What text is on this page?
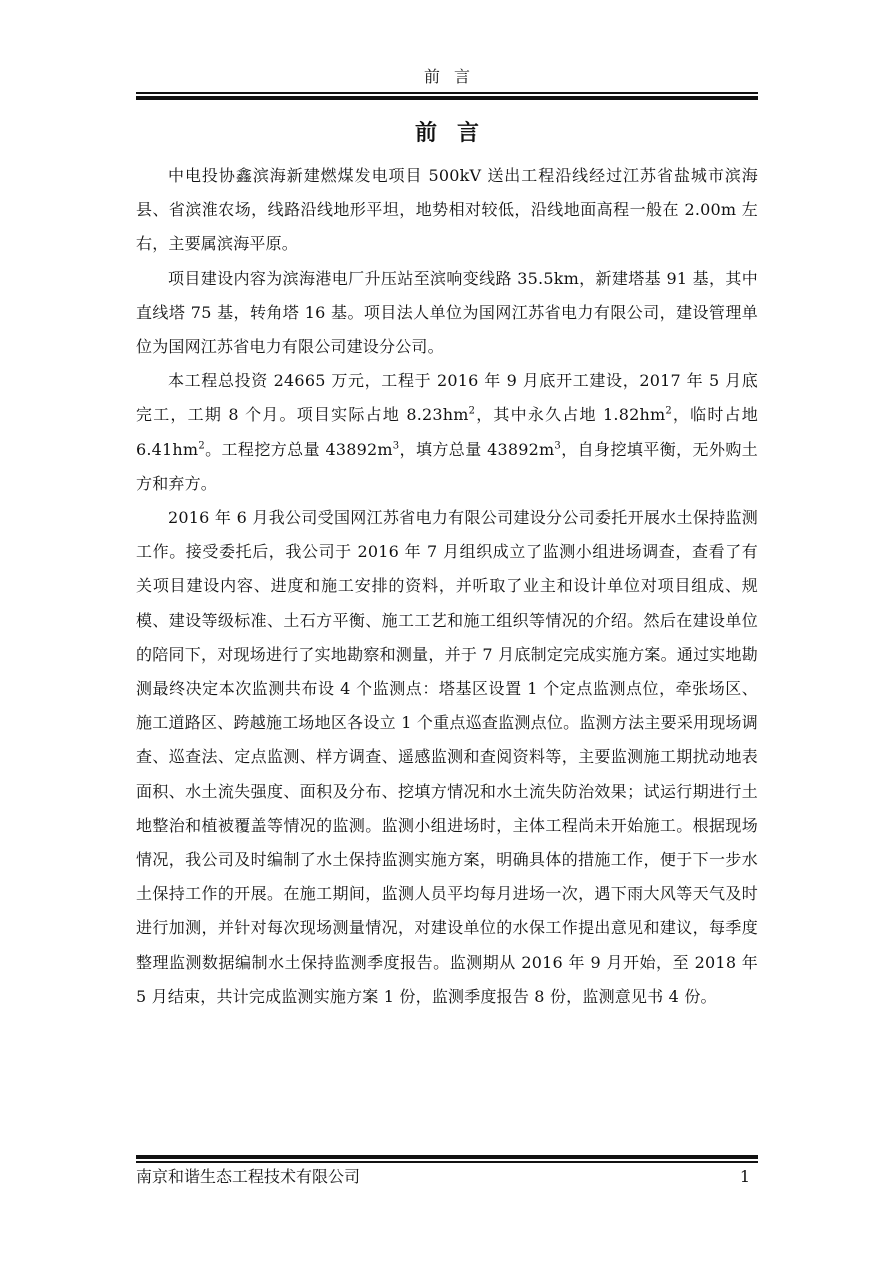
前言
前言

中电投协鑫滨海新建燃煤发电项目 500kV 送出工程沿线经过江苏省盐城市滨海县、省滨淮农场，线路沿线地形平坦，地势相对较低，沿线地面高程一般在 2.00m 左右，主要属滨海平原。

项目建设内容为滨海港电厂升压站至滨响变线路 35.5km，新建塔基 91 基，其中直线塔 75 基，转角塔 16 基。项目法人单位为国网江苏省电力有限公司，建设管理单位为国网江苏省电力有限公司建设分公司。

本工程总投资 24665 万元，工程于 2016 年 9 月底开工建设，2017 年 5 月底完工，工期 8 个月。项目实际占地 $8.23hm^2$，其中永久占地 $1.82hm^2$，临时占地 $6.41hm^2$。工程挖方总量 $43892m^3$，填方总量 $43892m^3$，自身挖填平衡，无外购土方和弃方。

2016 年 6 月我公司受国网江苏省电力有限公司建设分公司委托开展水土保持监测工作。接受委托后，我公司于 2016 年 7 月组织成立了监测小组进场调查，查看了有关项目建设内容、进度和施工安排的资料，并听取了业主和设计单位对项目组成、规模、建设等级标准、土石方平衡、施工工艺和施工组织等情况的介绍。然后在建设单位的陪同下，对现场进行了实地勘察和测量，并于 7 月底制定完成实施方案。通过实地勘测最终决定本次监测共布设 4 个监测点：塔基区设置 1 个定点监测点位，牵张场区、施工道路区、跨越施工场地区各设立 1 个重点巡查监测点位。监测方法主要采用现场调查、巡查法、定点监测、样方调查、遥感监测和查阅资料等，主要监测施工期扰动地表面积、水土流失强度、面积及分布、挖填方情况和水土流失防治效果；试运行期进行土地整治和植被覆盖等情况的监测。监测小组进场时，主体工程尚未开始施工。根据现场情况，我公司及时编制了水土保持监测实施方案，明确具体的措施工作，便于下一步水土保持工作的开展。在施工期间，监测人员平均每月进场一次，遇下雨大风等天气及时进行加测，并针对每次现场测量情况，对建设单位的水保工作提出意见和建议，每季度整理监测数据编制水土保持监测季度报告。监测期从 2016 年 9 月开始，至 2018 年 5 月结束，共计完成监测实施方案 1 份，监测季度报告 8 份，监测意见书 4 份。

南京和谐生态工程技术有限公司	1
